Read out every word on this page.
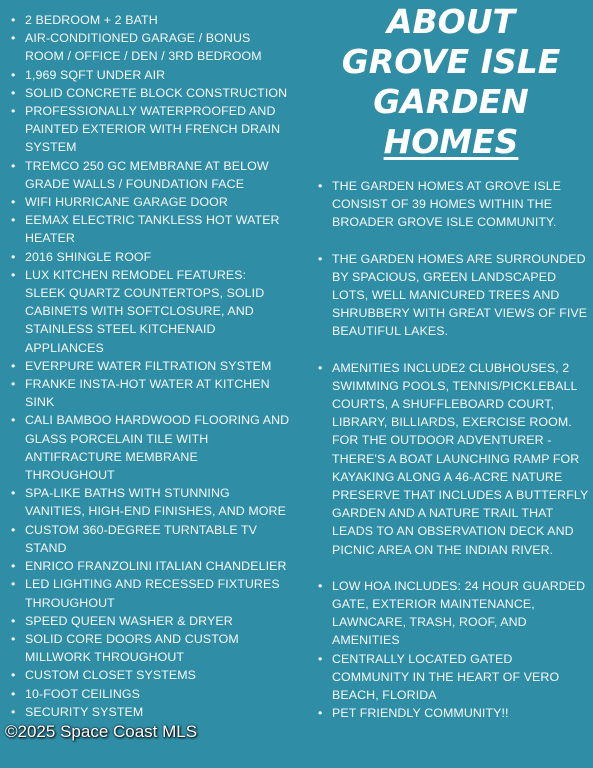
• 2 BEDROOM + 2 BATH
• AIR-CONDITIONED GARAGE / BONUS ROOM / OFFICE / DEN / 3RD BEDROOM
• 1,969 SQFT UNDER AIR
• SOLID CONCRETE BLOCK CONSTRUCTION
• PROFESSIONALLY WATERPROOFED AND PAINTED EXTERIOR WITH FRENCH DRAIN SYSTEM
• TREMCO 250 GC MEMBRANE AT BELOW GRADE WALLS / FOUNDATION FACE
• WIFI HURRICANE GARAGE DOOR
• EEMAX ELECTRIC TANKLESS HOT WATER HEATER
• 2016 SHINGLE ROOF
• LUX KITCHEN REMODEL FEATURES: SLEEK QUARTZ COUNTERTOPS, SOLID CABINETS WITH SOFTCLOSURE, AND STAINLESS STEEL KITCHENAID APPLIANCES
• EVERPURE WATER FILTRATION SYSTEM
• FRANKE INSTA-HOT WATER AT KITCHEN SINK
• CALI BAMBOO HARDWOOD FLOORING AND GLASS PORCELAIN TILE WITH ANTIFRACTURE MEMBRANE THROUGHOUT
• SPA-LIKE BATHS WITH STUNNING VANITIES, HIGH-END FINISHES, AND MORE
• CUSTOM 360-DEGREE TURNTABLE TV STAND
• ENRICO FRANZOLINI ITALIAN CHANDELIER
• LED LIGHTING AND RECESSED FIXTURES THROUGHOUT
• SPEED QUEEN WASHER & DRYER
• SOLID CORE DOORS AND CUSTOM MILLWORK THROUGHOUT
• CUSTOM CLOSET SYSTEMS
• 10-FOOT CEILINGS
• SECURITY SYSTEM
ABOUT
GROVE ISLE
GARDEN
HOMES
• THE GARDEN HOMES AT GROVE ISLE CONSIST OF 39 HOMES WITHIN THE BROADER GROVE ISLE COMMUNITY.
• THE GARDEN HOMES ARE SURROUNDED BY SPACIOUS, GREEN LANDSCAPED LOTS, WELL MANICURED TREES AND SHRUBBERY WITH GREAT VIEWS OF FIVE BEAUTIFUL LAKES.
• AMENITIES INCLUDE2 CLUBHOUSES, 2 SWIMMING POOLS, TENNIS/PICKLEBALL COURTS, A SHUFFLEBOARD COURT, LIBRARY, BILLIARDS, EXERCISE ROOM. FOR THE OUTDOOR ADVENTURER - THERE'S A BOAT LAUNCHING RAMP FOR KAYAKING ALONG A 46-ACRE NATURE PRESERVE THAT INCLUDES A BUTTERFLY GARDEN AND A NATURE TRAIL THAT LEADS TO AN OBSERVATION DECK AND PICNIC AREA ON THE INDIAN RIVER.
• LOW HOA INCLUDES: 24 HOUR GUARDED GATE, EXTERIOR MAINTENANCE, LAWNCARE, TRASH, ROOF, AND AMENITIES
• CENTRALLY LOCATED GATED COMMUNITY IN THE HEART OF VERO BEACH, FLORIDA
• PET FRIENDLY COMMUNITY!!
©2025 Space Coast MLS
